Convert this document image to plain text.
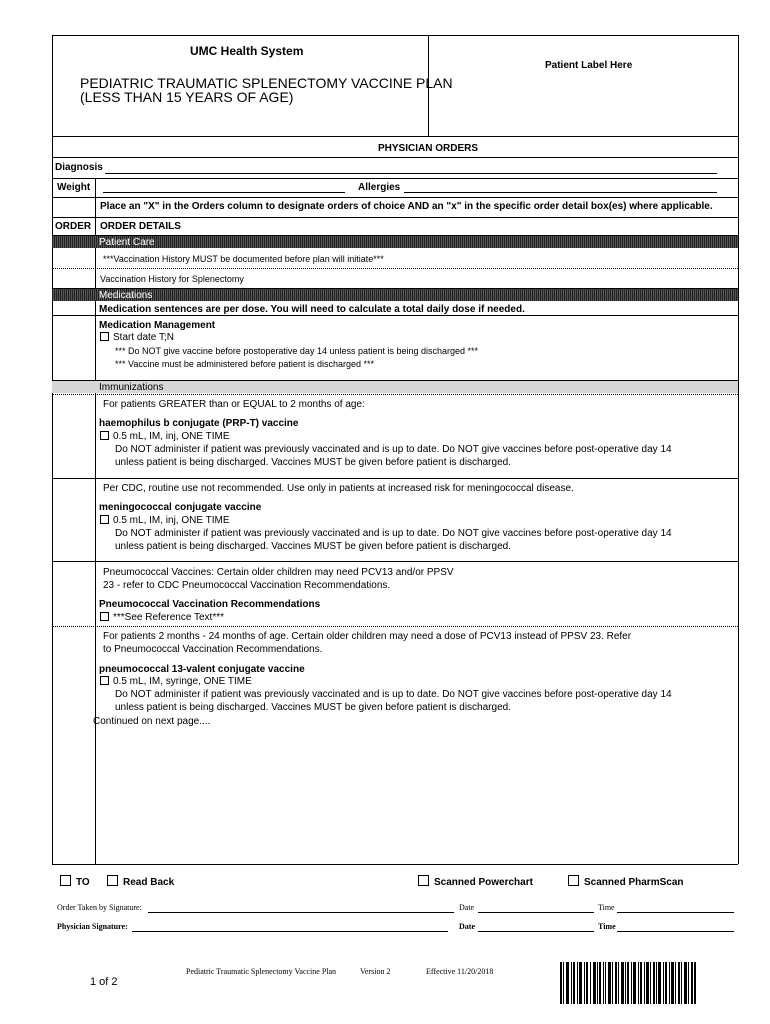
UMC Health System
Patient Label Here
PEDIATRIC TRAUMATIC SPLENECTOMY VACCINE PLAN
(LESS THAN 15 YEARS OF AGE)
PHYSICIAN ORDERS
Diagnosis
Weight	Allergies
Place an "X" in the Orders column to designate orders of choice AND an "x" in the specific order detail box(es) where applicable.
ORDER ORDER DETAILS
Patient Care
***Vaccination History MUST be documented before plan will initiate***
Vaccination History for Splenectomy
Medications
Medication sentences are per dose. You will need to calculate a total daily dose if needed.
Medication Management
Start date T;N
*** Do NOT give vaccine before postoperative day 14 unless patient is being discharged ***
*** Vaccine must be administered before patient is discharged ***
Immunizations
For patients GREATER than or EQUAL to 2 months of age:
haemophilus b conjugate (PRP-T) vaccine
0.5 mL, IM, inj, ONE TIME
Do NOT administer if patient was previously vaccinated and is up to date. Do NOT give vaccines before post-operative day 14
unless patient is being discharged. Vaccines MUST be given before patient is discharged.
Per CDC, routine use not recommended. Use only in patients at increased risk for meningococcal disease.
meningococcal conjugate vaccine
0.5 mL, IM, inj, ONE TIME
Do NOT administer if patient was previously vaccinated and is up to date. Do NOT give vaccines before post-operative day 14
unless patient is being discharged. Vaccines MUST be given before patient is discharged.
Pneumococcal Vaccines: Certain older children may need PCV13 and/or PPSV
23 - refer to CDC Pneumococcal Vaccination Recommendations.
Pneumococcal Vaccination Recommendations
***See Reference Text***
For patients 2 months - 24 months of age. Certain older children may need a dose of PCV13 instead of PPSV 23. Refer
to Pneumococcal Vaccination Recommendations.
pneumococcal 13-valent conjugate vaccine
0.5 mL, IM, syringe, ONE TIME
Do NOT administer if patient was previously vaccinated and is up to date. Do NOT give vaccines before post-operative day 14
unless patient is being discharged. Vaccines MUST be given before patient is discharged.
Continued on next page....
TO	Read Back	Scanned Powerchart	Scanned PharmScan
Order Taken by Signature:	Date	Time
Physician Signature:	Date	Time
Pediatric Traumatic Splenectomy Vaccine Plan	Version 2	Effective 11/20/2018
1 of 2
